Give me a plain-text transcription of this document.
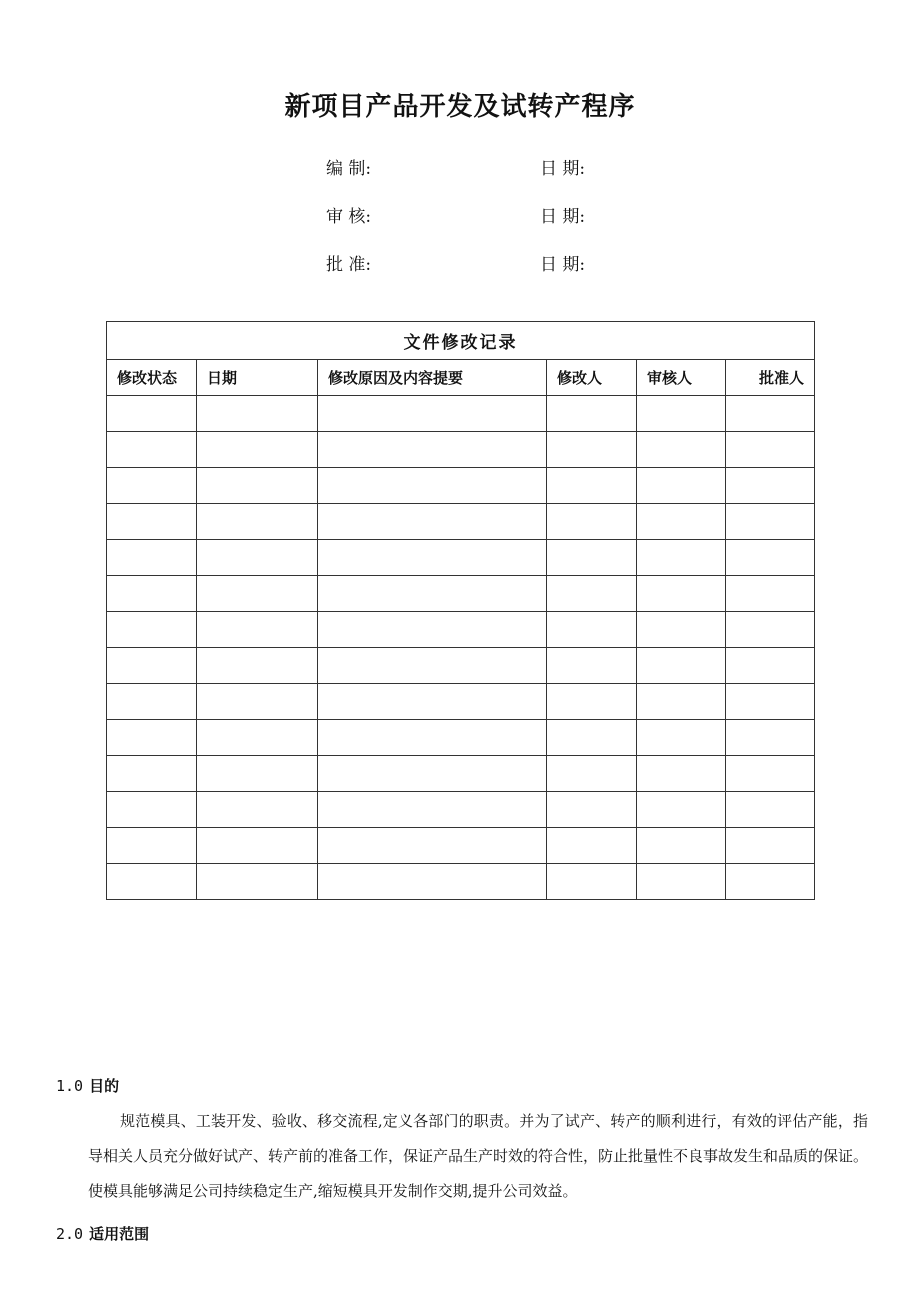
新项目产品开发及试转产程序
编 制:	日 期:
审 核:	日 期:
批 准:	日 期:
文件修改记录					
修改状态	日期	修改原因及内容提要	修改人	审核人	批准人

1.0 目的
规范模具、工装开发、验收、移交流程,定义各部门的职责。并为了试产、转产的顺利进行，有效的评估产能，指导相关人员充分做好试产、转产前的准备工作，保证产品生产时效的符合性，防止批量性不良事故发生和品质的保证。使模具能够满足公司持续稳定生产,缩短模具开发制作交期,提升公司效益。
2.0 适用范围
